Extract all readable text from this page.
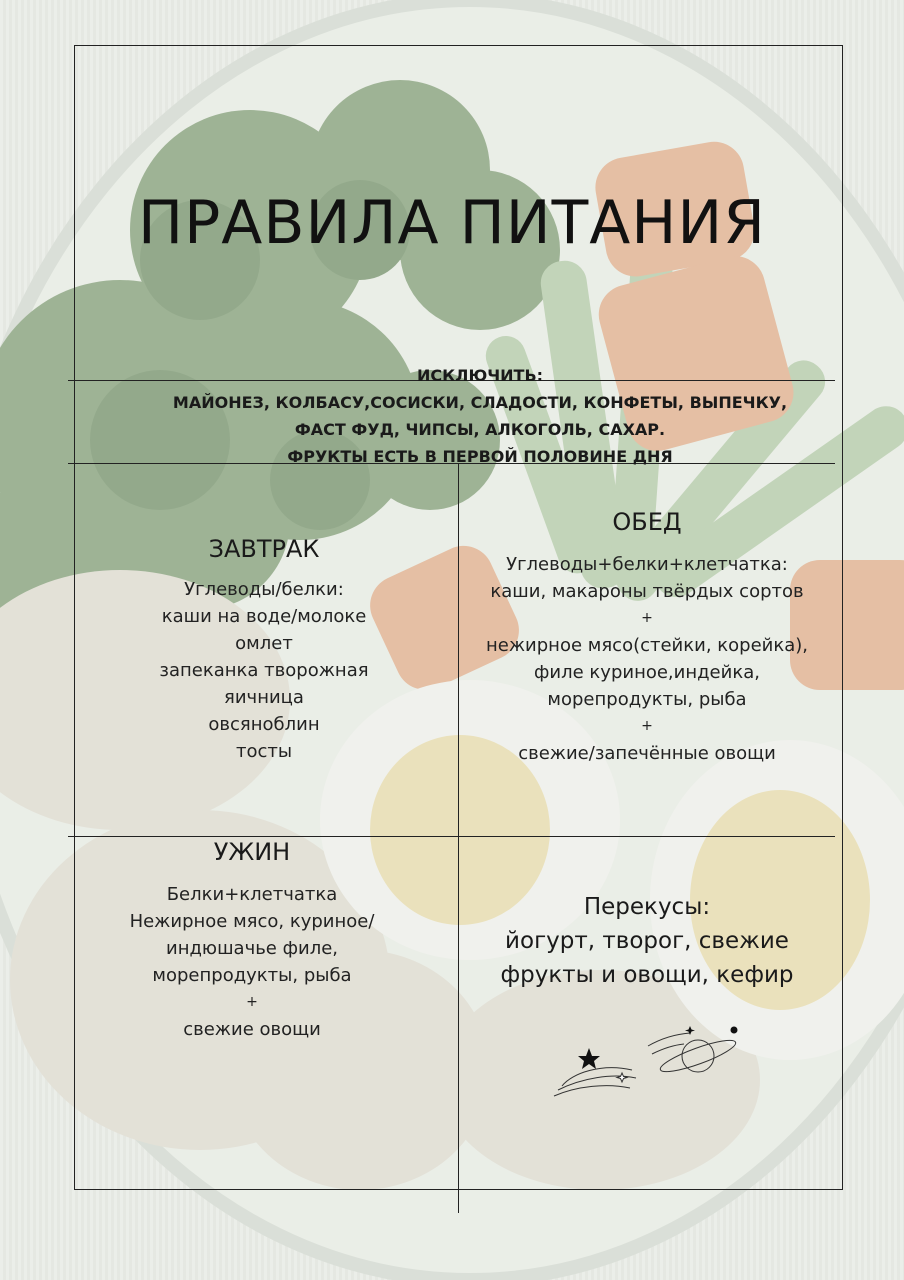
ПРАВИЛА ПИТАНИЯ
ИСКЛЮЧИТЬ:
МАЙОНЕЗ, КОЛБАСУ,СОСИСКИ, СЛАДОСТИ, КОНФЕТЫ, ВЫПЕЧКУ,
ФАСТ ФУД, ЧИПСЫ, АЛКОГОЛЬ, САХАР.
ФРУКТЫ ЕСТЬ В ПЕРВОЙ ПОЛОВИНЕ ДНЯ
ЗАВТРАК
Углеводы/белки:
каши на воде/молоке
омлет
запеканка творожная
яичница
овсяноблин
тосты
ОБЕД
Углеводы+белки+клетчатка:
каши, макароны твёрдых сортов
+
нежирное мясо(стейки, корейка),
филе куриное,индейка,
морепродукты, рыба
+
свежие/запечённые овощи
УЖИН
Белки+клетчатка
Нежирное мясо, куриное/
индюшачье филе,
морепродукты, рыба
+
свежие овощи
Перекусы:
йогурт, творог, свежие
фрукты и овощи, кефир
